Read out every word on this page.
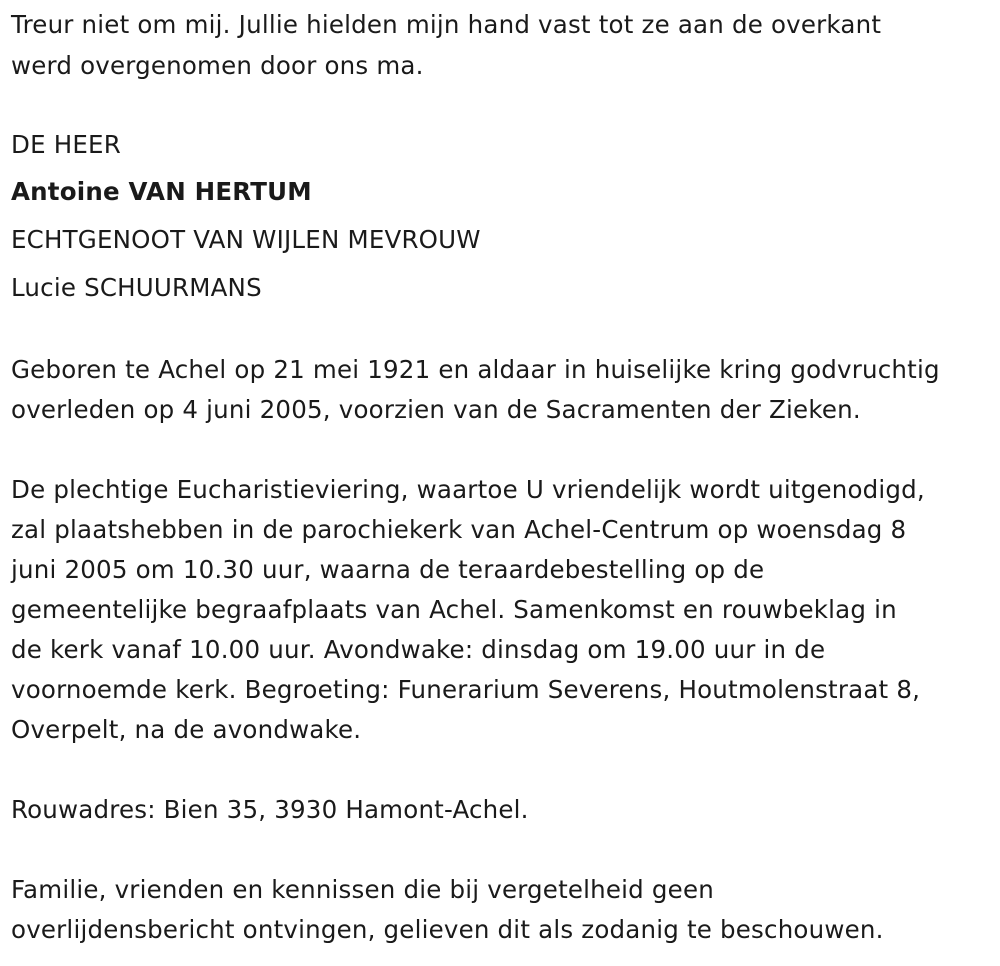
Treur niet om mij. Jullie hielden mijn hand vast tot ze aan de overkant
werd overgenomen door ons ma.
DE HEER
Antoine VAN HERTUM
ECHTGENOOT VAN WIJLEN MEVROUW
Lucie SCHUURMANS
Geboren te Achel op 21 mei 1921 en aldaar in huiselijke kring godvruchtig
overleden op 4 juni 2005, voorzien van de Sacramenten der Zieken.
De plechtige Eucharistieviering, waartoe U vriendelijk wordt uitgenodigd,
zal plaatshebben in de parochiekerk van Achel-Centrum op woensdag 8
juni 2005 om 10.30 uur, waarna de teraardebestelling op de
gemeentelijke begraafplaats van Achel. Samenkomst en rouwbeklag in
de kerk vanaf 10.00 uur. Avondwake: dinsdag om 19.00 uur in de
voornoemde kerk. Begroeting: Funerarium Severens, Houtmolenstraat 8,
Overpelt, na de avondwake.
Rouwadres: Bien 35, 3930 Hamont-Achel.
Familie, vrienden en kennissen die bij vergetelheid geen
overlijdensbericht ontvingen, gelieven dit als zodanig te beschouwen.
